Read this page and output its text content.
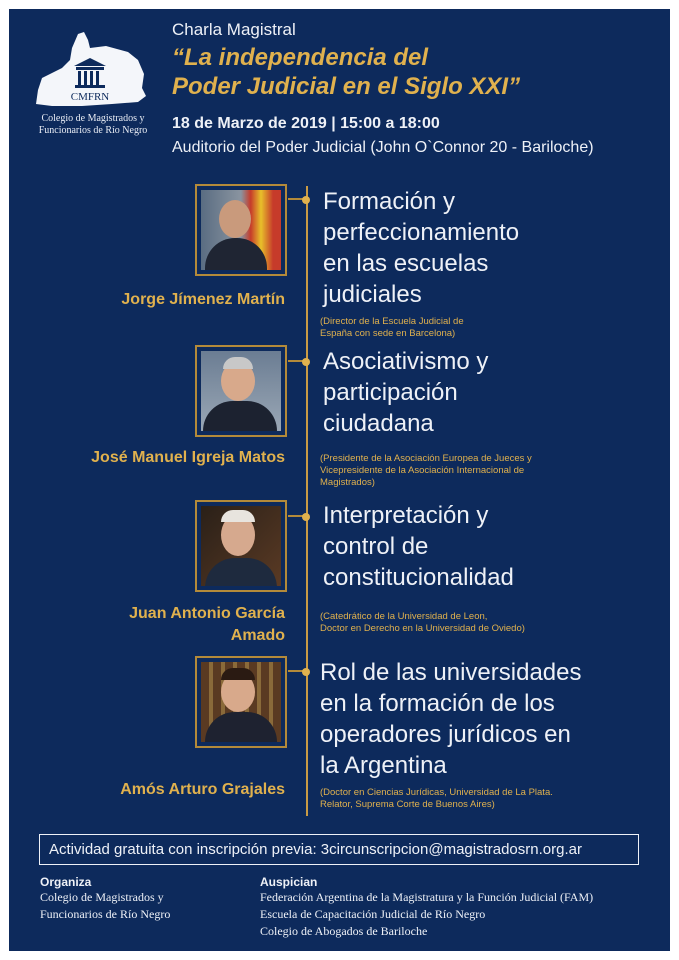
CMFRN
Colegio de Magistrados y Funcionarios de Río Negro
Charla Magistral
“La independencia del
Poder Judicial en el Siglo XXI”
18 de Marzo de 2019 | 15:00 a 18:00
Auditorio del Poder Judicial (John O`Connor 20 - Bariloche)
Jorge Jímenez Martín
Formación y
perfeccionamiento
en las escuelas
judiciales
(Director de la Escuela Judicial de
España con sede en Barcelona)
José Manuel Igreja Matos
Asociativismo y
participación
ciudadana
(Presidente de la Asociación Europea de Jueces y
Vicepresidente de la Asociación Internacional de
Magistrados)
Juan Antonio García
Amado
Interpretación y
control de
constitucionalidad
(Catedrático de la Universidad de Leon,
Doctor en Derecho en la Universidad de Oviedo)
Amós Arturo Grajales
Rol de las universidades
en la formación de los
operadores jurídicos en
la Argentina
(Doctor en Ciencias Jurídicas, Universidad de La Plata.
Relator, Suprema Corte de Buenos Aires)
Actividad gratuita con inscripción previa: 3circunscripcion@magistradosrn.org.ar
Organiza
Colegio de Magistrados y
Funcionarios de Río Negro
Auspician
Federación Argentina de la Magistratura y la Función Judicial (FAM)
Escuela de Capacitación Judicial de Río Negro
Colegio de Abogados de Bariloche
